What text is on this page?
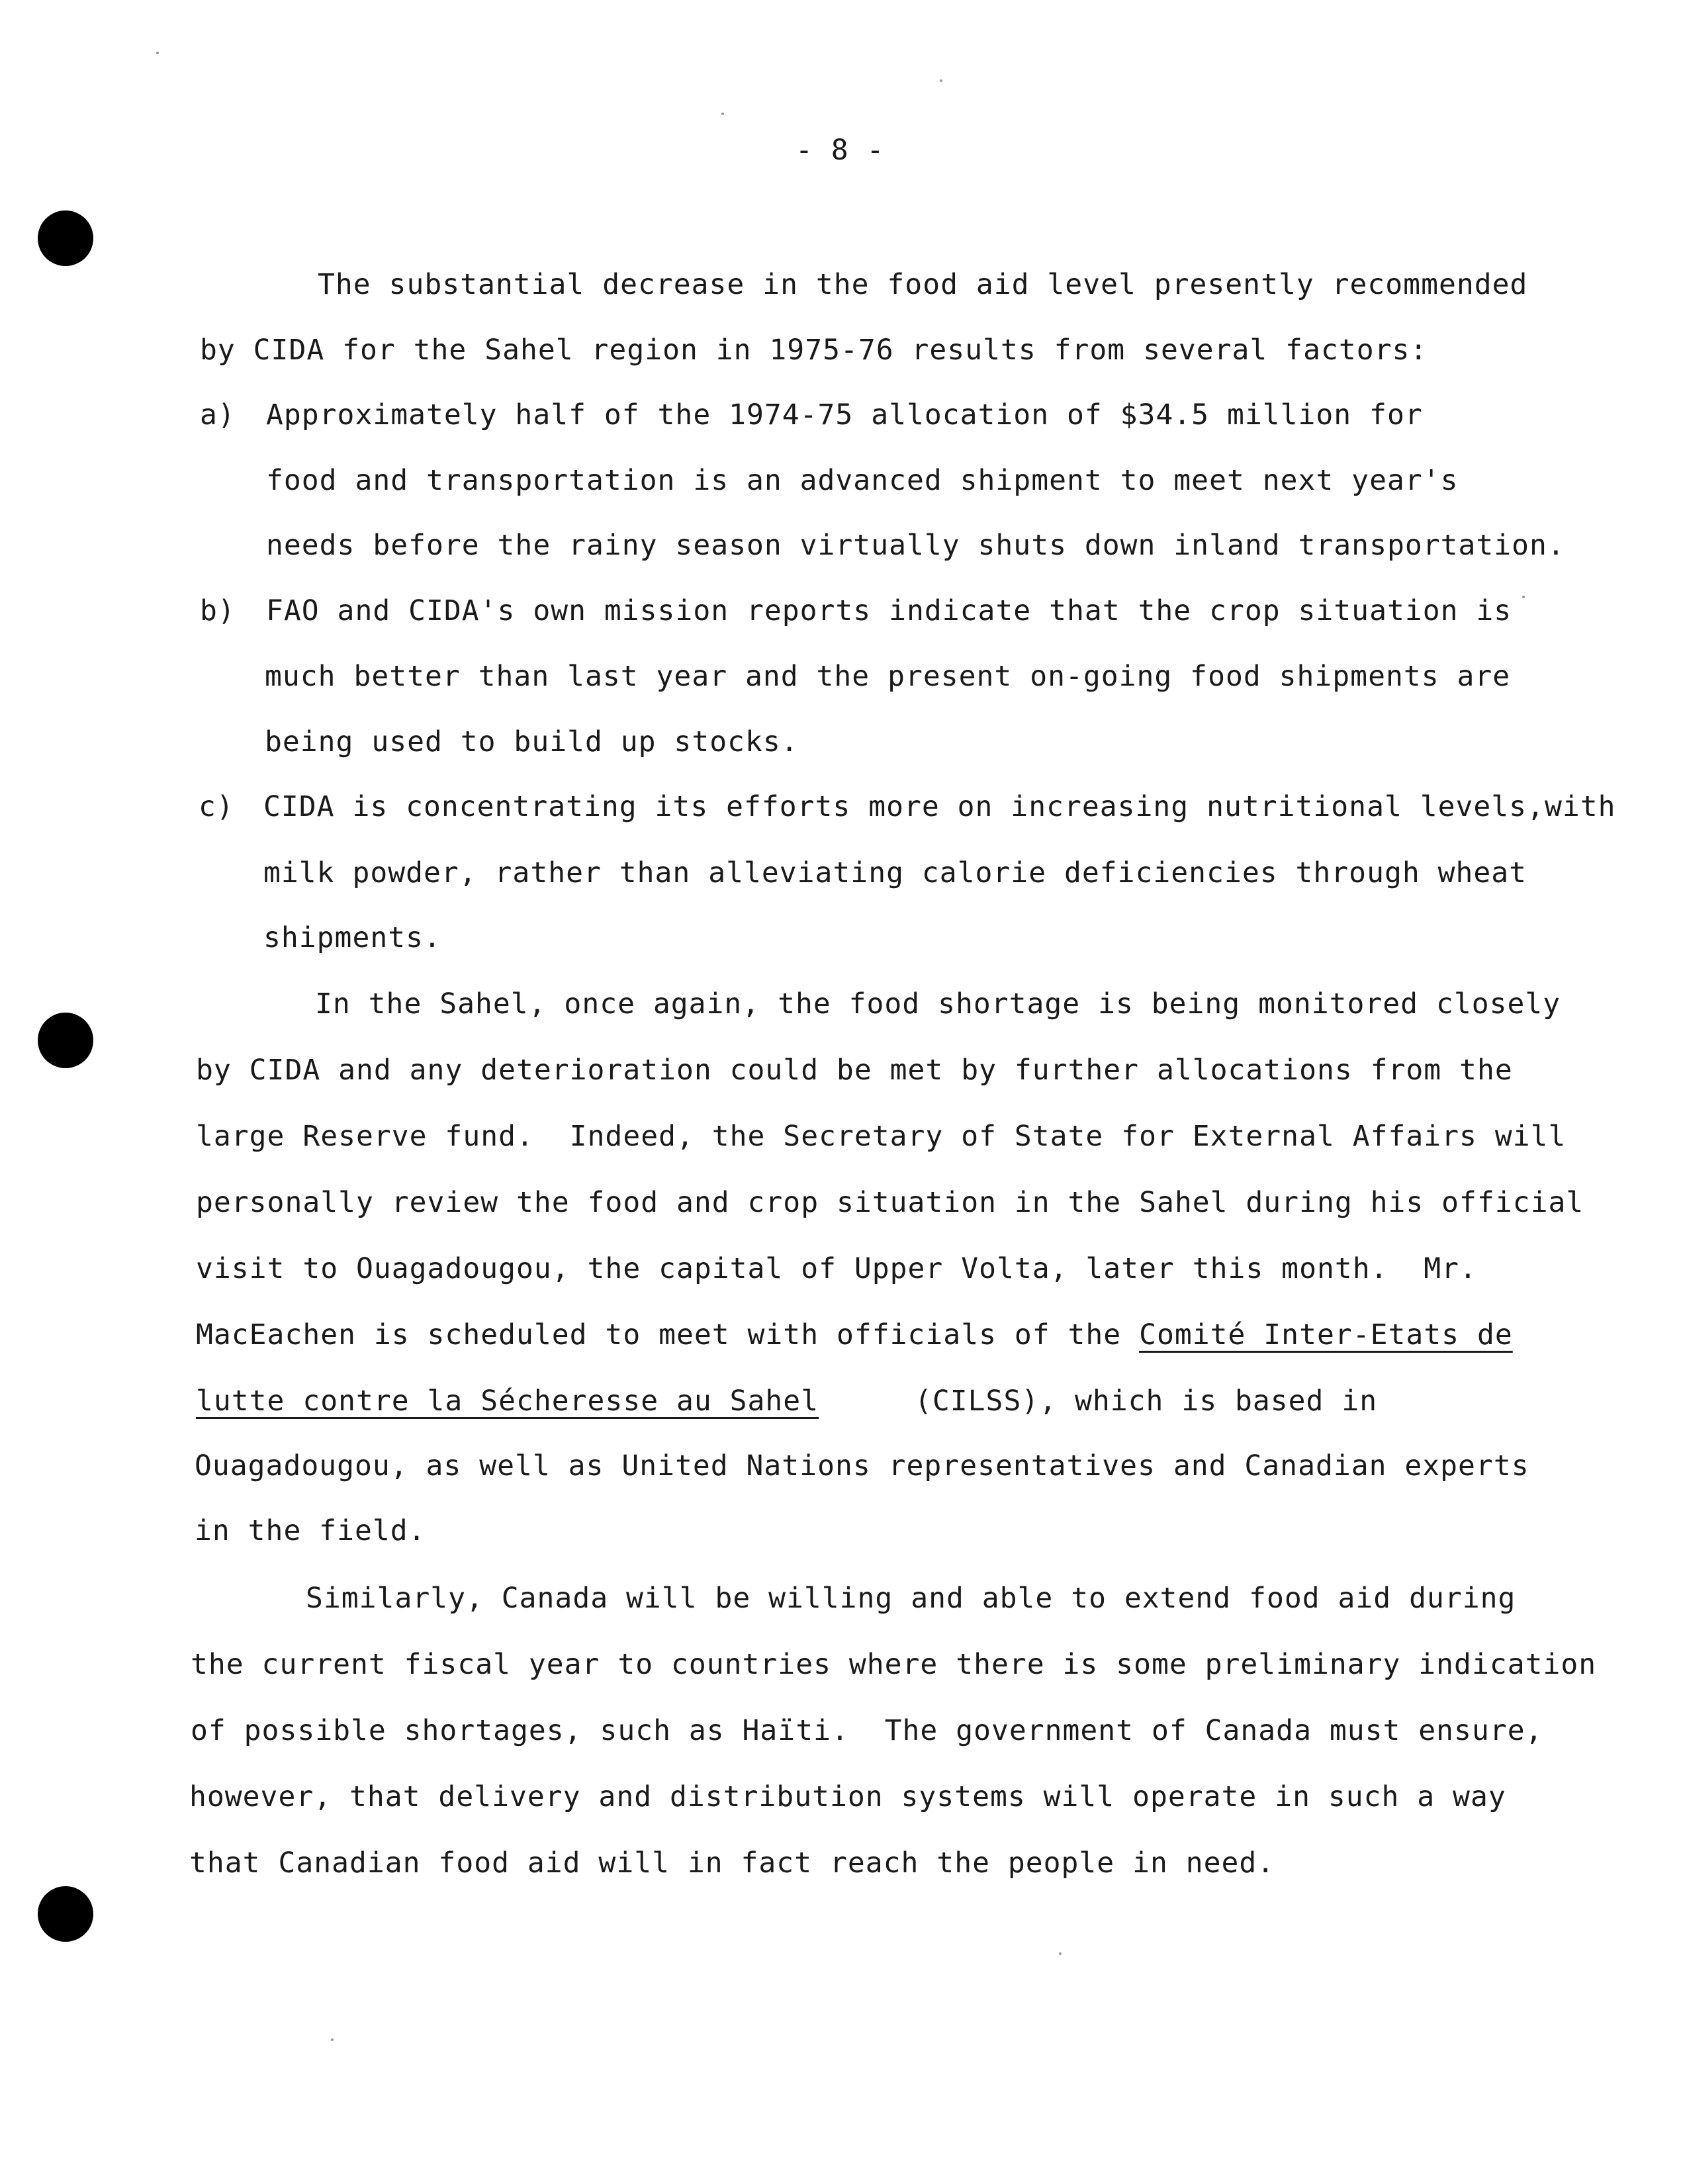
- 8 -
The substantial decrease in the food aid level presently recommended
by CIDA for the Sahel region in 1975-76 results from several factors:
a) Approximately half of the 1974-75 allocation of $34.5 million for
food and transportation is an advanced shipment to meet next year's
needs before the rainy season virtually shuts down inland transportation.
b) FAO and CIDA's own mission reports indicate that the crop situation is
much better than last year and the present on-going food shipments are
being used to build up stocks.
c) CIDA is concentrating its efforts more on increasing nutritional levels,with
milk powder, rather than alleviating calorie deficiencies through wheat
shipments.
In the Sahel, once again, the food shortage is being monitored closely
by CIDA and any deterioration could be met by further allocations from the
large Reserve fund.  Indeed, the Secretary of State for External Affairs will
personally review the food and crop situation in the Sahel during his official
visit to Ouagadougou, the capital of Upper Volta, later this month.  Mr.
MacEachen is scheduled to meet with officials of the Comité Inter-Etats de
lutte contre la Sécheresse au Sahel	(CILSS), which is based in
Ouagadougou, as well as United Nations representatives and Canadian experts
in the field.
Similarly, Canada will be willing and able to extend food aid during
the current fiscal year to countries where there is some preliminary indication
of possible shortages, such as Haïti.  The government of Canada must ensure,
however, that delivery and distribution systems will operate in such a way
that Canadian food aid will in fact reach the people in need.
